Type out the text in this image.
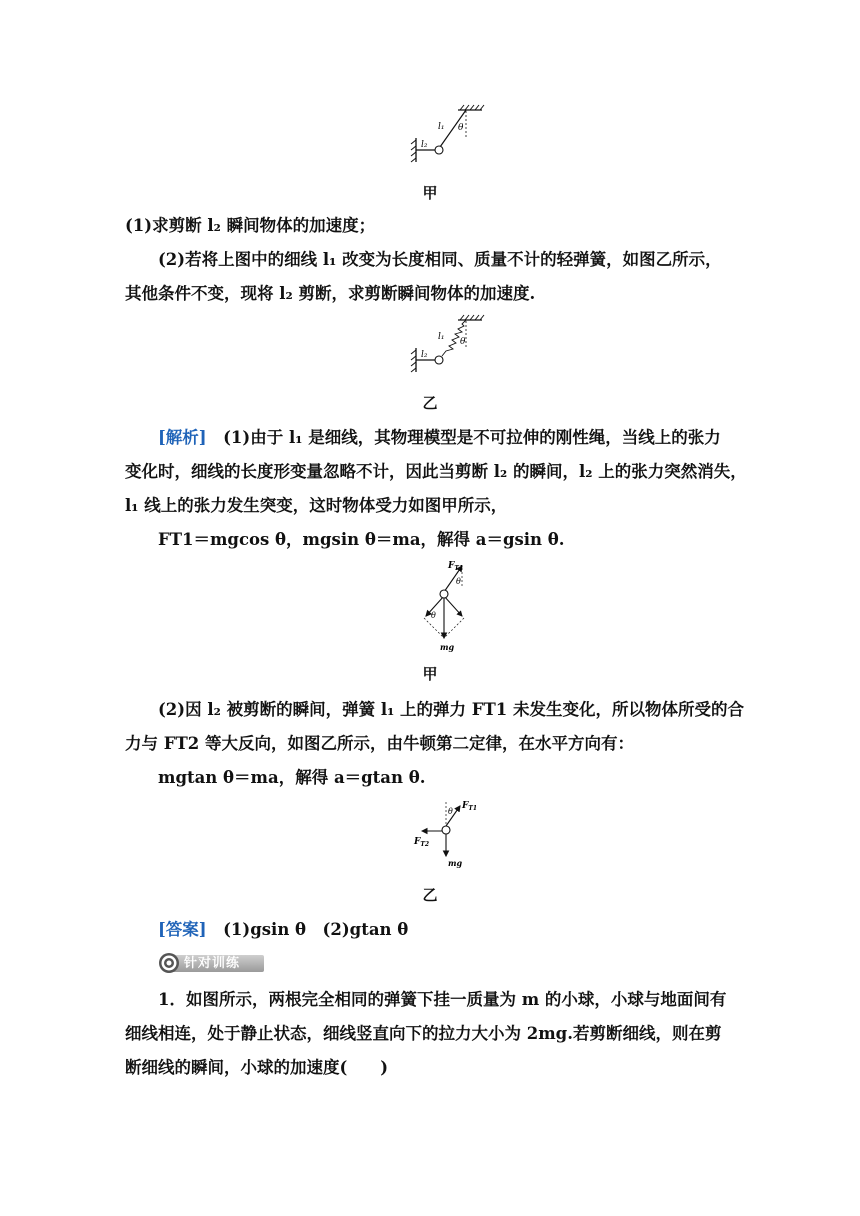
l₁ θ
l₂
甲
(1)求剪断 l₂ 瞬间物体的加速度；
(2)若将上图中的细线 l₁ 改变为长度相同、质量不计的轻弹簧，如图乙所示，
其他条件不变，现将 l₂ 剪断，求剪断瞬间物体的加速度.
l₁ θ
l₂
乙
[解析]　(1)由于 l₁ 是细线，其物理模型是不可拉伸的刚性绳，当线上的张力
变化时，细线的长度形变量忽略不计，因此当剪断 l₂ 的瞬间，l₂ 上的张力突然消失，
l₁ 线上的张力发生突变，这时物体受力如图甲所示，
FT1＝mgcos θ，mgsin θ＝ma，解得 a＝gsin θ.
$F_{T1}$
θ
θ
mg
甲
(2)因 l₂ 被剪断的瞬间，弹簧 l₁ 上的弹力 FT1 未发生变化，所以物体所受的合
力与 FT2 等大反向，如图乙所示，由牛顿第二定律，在水平方向有：
mgtan θ＝ma，解得 a＝gtan θ.
$F_{T1}$
θ
$F_{T2}$
mg
乙
[答案]　(1)gsin θ　(2)gtan θ
针对训练
1．如图所示，两根完全相同的弹簧下挂一质量为 m 的小球，小球与地面间有
细线相连，处于静止状态，细线竖直向下的拉力大小为 2mg.若剪断细线，则在剪
断细线的瞬间，小球的加速度(　　)
